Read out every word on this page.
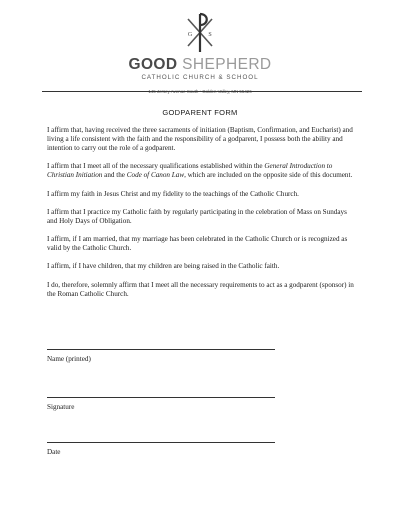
G	S
GOOD SHEPHERD
CATHOLIC CHURCH & SCHOOL
GODPARENT FORM

I affirm that, having received the three sacraments of initiation (Baptism, Confirmation, and Eucharist) and living a life consistent with the faith and the responsibility of a godparent, I possess both the ability and intention to carry out the role of a godparent.

I affirm that I meet all of the necessary qualifications established within the General Introduction to Christian Initiation and the Code of Canon Law, which are included on the opposite side of this document.

I affirm my faith in Jesus Christ and my fidelity to the teachings of the Catholic Church.

I affirm that I practice my Catholic faith by regularly participating in the celebration of Mass on Sundays and Holy Days of Obligation.

I affirm, if I am married, that my marriage has been celebrated in the Catholic Church or is recognized as valid by the Catholic Church.

I affirm, if I have children, that my children are being raised in the Catholic faith.

I do, therefore, solemnly affirm that I meet all the necessary requirements to act as a godparent (sponsor) in the Roman Catholic Church.

Name (printed)
Signature
Date
